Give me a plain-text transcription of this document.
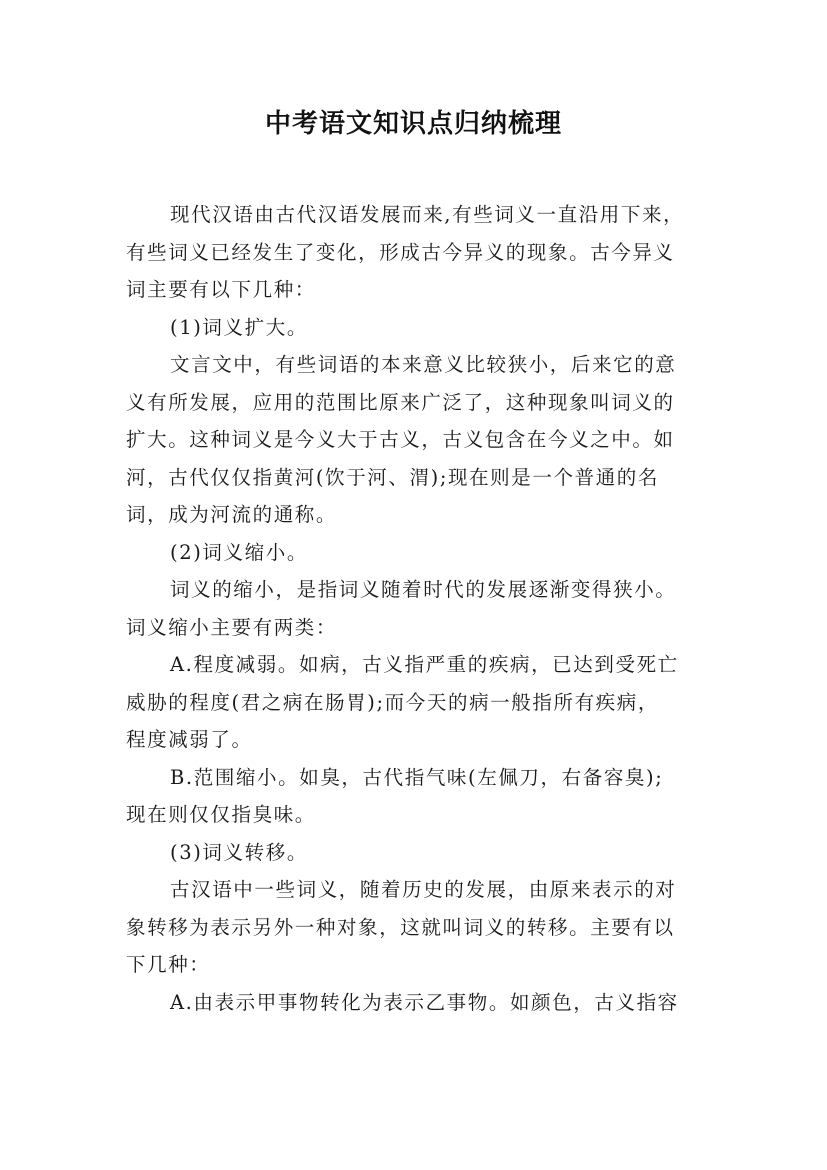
中考语文知识点归纳梳理
现代汉语由古代汉语发展而来,有些词义一直沿用下来，
有些词义已经发生了变化，形成古今异义的现象。古今异义
词主要有以下几种：
(1)词义扩大。
文言文中，有些词语的本来意义比较狭小，后来它的意
义有所发展，应用的范围比原来广泛了，这种现象叫词义的
扩大。这种词义是今义大于古义，古义包含在今义之中。如
河，古代仅仅指黄河(饮于河、渭);现在则是一个普通的名
词，成为河流的通称。
(2)词义缩小。
词义的缩小，是指词义随着时代的发展逐渐变得狭小。
词义缩小主要有两类：
A.程度减弱。如病，古义指严重的疾病，已达到受死亡
威胁的程度(君之病在肠胃);而今天的病一般指所有疾病，
程度减弱了。
B.范围缩小。如臭，古代指气味(左佩刀，右备容臭);
现在则仅仅指臭味。
(3)词义转移。
古汉语中一些词义，随着历史的发展，由原来表示的对
象转移为表示另外一种对象，这就叫词义的转移。主要有以
下几种：
A.由表示甲事物转化为表示乙事物。如颜色，古义指容
